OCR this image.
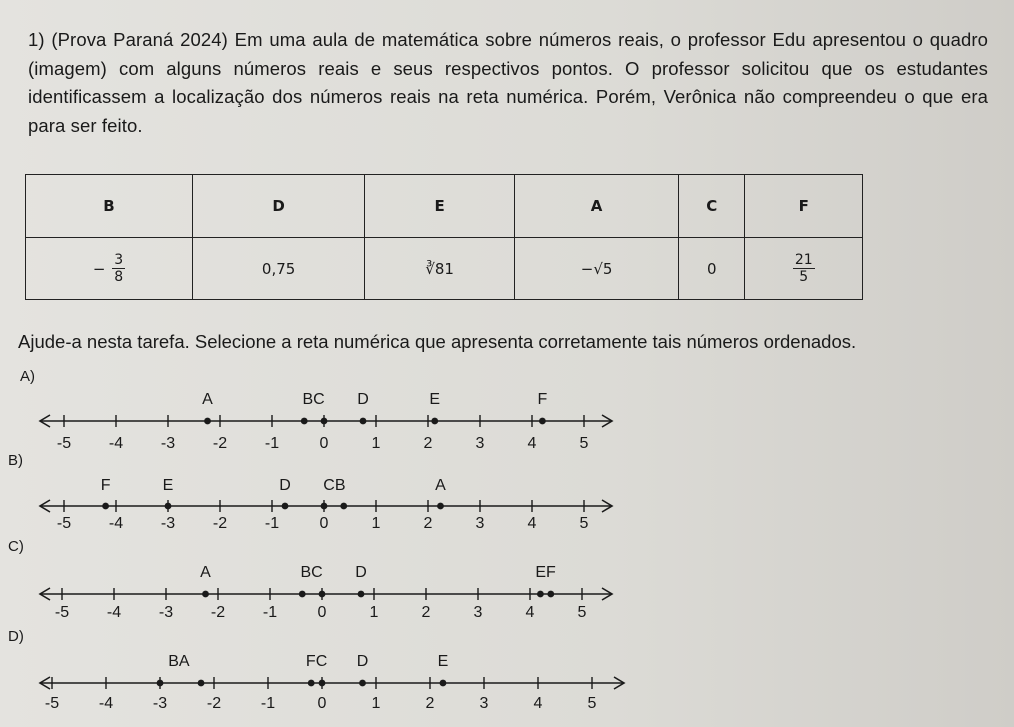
1) (Prova Paraná 2024) Em uma aula de matemática sobre números reais, o professor Edu apresentou o quadro (imagem) com alguns números reais e seus respectivos pontos. O professor solicitou que os estudantes identificassem a localização dos números reais na reta numérica. Porém, Verônica não compreendeu o que era para ser feito.
B	D	E	A	C	F
− $\frac{3}{8}$	0,75	∛81	−√5	0	$\frac{21}{5}$
Ajude-a nesta tarefa. Selecione a reta numérica que apresenta corretamente tais números ordenados.
A)
B)
C)
D)
-5 -4 -3 -2 -1	0	1	2	3	4	5
A	BC D	E	F
-5 -4 -3 -2 -1	0	1	2	3	4	5
F	E	D CB	A
-5 -4 -3 -2 -1	0	1	2	3	4	5
A	BC D	EF
-5 -4 -3 -2 -1	0	1	2	3	4	5
BA	FC D	E
